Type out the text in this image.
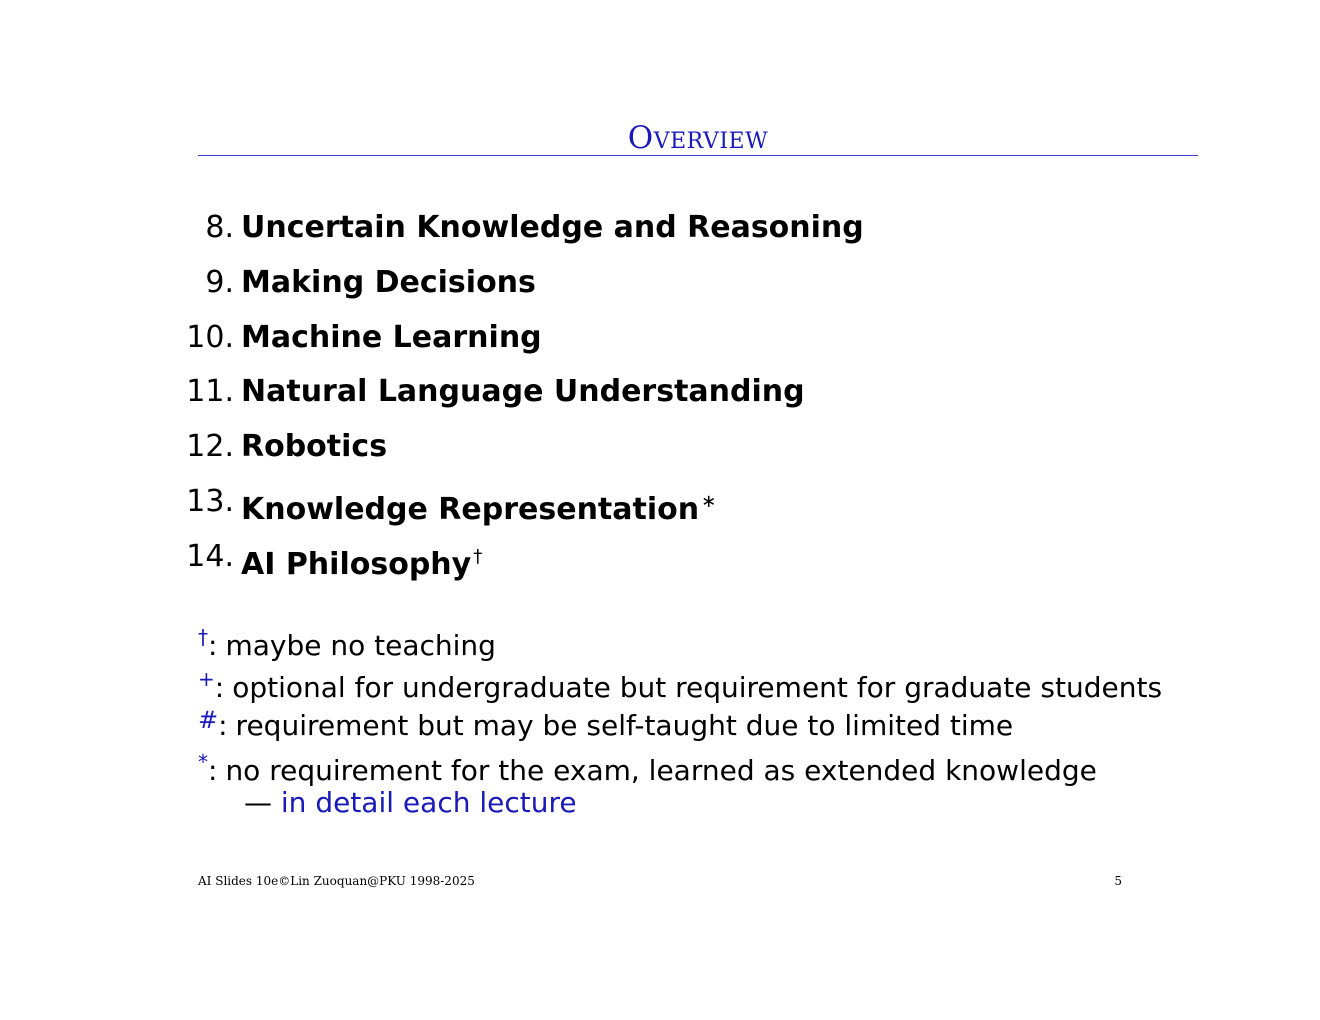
Overview
8. Uncertain Knowledge and Reasoning
9. Making Decisions
10. Machine Learning
11. Natural Language Understanding
12. Robotics
13. Knowledge Representation ∗
14. AI Philosophy †
†: maybe no teaching
+: optional for undergraduate but requirement for graduate students
#: requirement but may be self-taught due to limited time
*: no requirement for the exam, learned as extended knowledge
— in detail each lecture
AI Slides 10e©Lin Zuoquan@PKU 1998-2025	5
